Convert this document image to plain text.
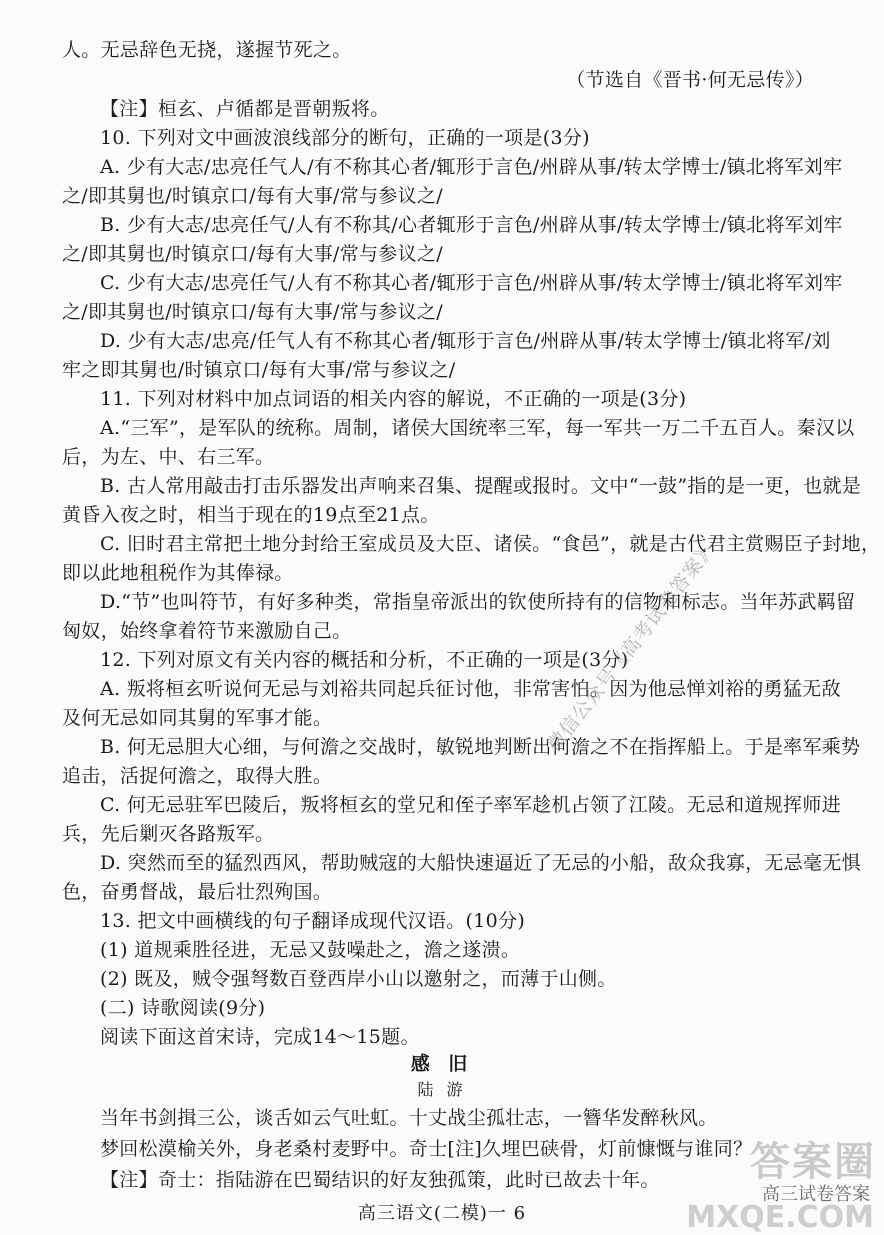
人。无忌辞色无挠，遂握节死之。
（节选自《晋书·何无忌传》）
【注】桓玄、卢循都是晋朝叛将。
10. 下列对文中画波浪线部分的断句，正确的一项是(3分)
A. 少有大志/忠亮任气人/有不称其心者/辄形于言色/州辟从事/转太学博士/镇北将军刘牢
之/即其舅也/时镇京口/每有大事/常与参议之/
B. 少有大志/忠亮任气/人有不称其/心者辄形于言色/州辟从事/转太学博士/镇北将军刘牢
之/即其舅也/时镇京口/每有大事/常与参议之/
C. 少有大志/忠亮任气/人有不称其心者/辄形于言色/州辟从事/转太学博士/镇北将军刘牢
之/即其舅也/时镇京口/每有大事/常与参议之/
D. 少有大志/忠亮/任气人有不称其心者/辄形于言色/州辟从事/转太学博士/镇北将军/刘
牢之即其舅也/时镇京口/每有大事/常与参议之/
11. 下列对材料中加点词语的相关内容的解说，不正确的一项是(3分)
A.“三军”，是军队的统称。周制，诸侯大国统率三军，每一军共一万二千五百人。秦汉以
后，为左、中、右三军。
B. 古人常用敲击打击乐器发出声响来召集、提醒或报时。文中“一鼓”指的是一更，也就是
黄昏入夜之时，相当于现在的19点至21点。
C. 旧时君主常把土地分封给王室成员及大臣、诸侯。“食邑”，就是古代君主赏赐臣子封地，
即以此地租税作为其俸禄。
D.“节”也叫符节，有好多种类，常指皇帝派出的钦使所持有的信物和标志。当年苏武羁留
匈奴，始终拿着符节来激励自己。
12. 下列对原文有关内容的概括和分析，不正确的一项是(3分)
A. 叛将桓玄听说何无忌与刘裕共同起兵征讨他，非常害怕。因为他忌惮刘裕的勇猛无敌
及何无忌如同其舅的军事才能。
B. 何无忌胆大心细，与何澹之交战时，敏锐地判断出何澹之不在指挥船上。于是率军乘势
追击，活捉何澹之，取得大胜。
C. 何无忌驻军巴陵后，叛将桓玄的堂兄和侄子率军趁机占领了江陵。无忌和道规挥师进
兵，先后剿灭各路叛军。
D. 突然而至的猛烈西风，帮助贼寇的大船快速逼近了无忌的小船，敌众我寡，无忌毫无惧
色，奋勇督战，最后壮烈殉国。
13. 把文中画横线的句子翻译成现代汉语。(10分)
(1) 道规乘胜径进，无忌又鼓噪赴之，澹之遂溃。
(2) 既及，贼令强弩数百登西岸小山以邀射之，而薄于山侧。
(二) 诗歌阅读(9分)
阅读下面这首宋诗，完成14～15题。
感 旧
陆 游
当年书剑揖三公，谈舌如云气吐虹。十丈战尘孤壮志，一簪华发醉秋风。
梦回松漠榆关外，身老桑村麦野中。奇士[注]久埋巴硖骨，灯前慷慨与谁同？
【注】奇士：指陆游在巴蜀结识的好友独孤策，此时已故去十年。
高三语文(二模)一 6
微信公众号《高考试卷答案》
答案圈
高三试卷答案
MXQE.COM
